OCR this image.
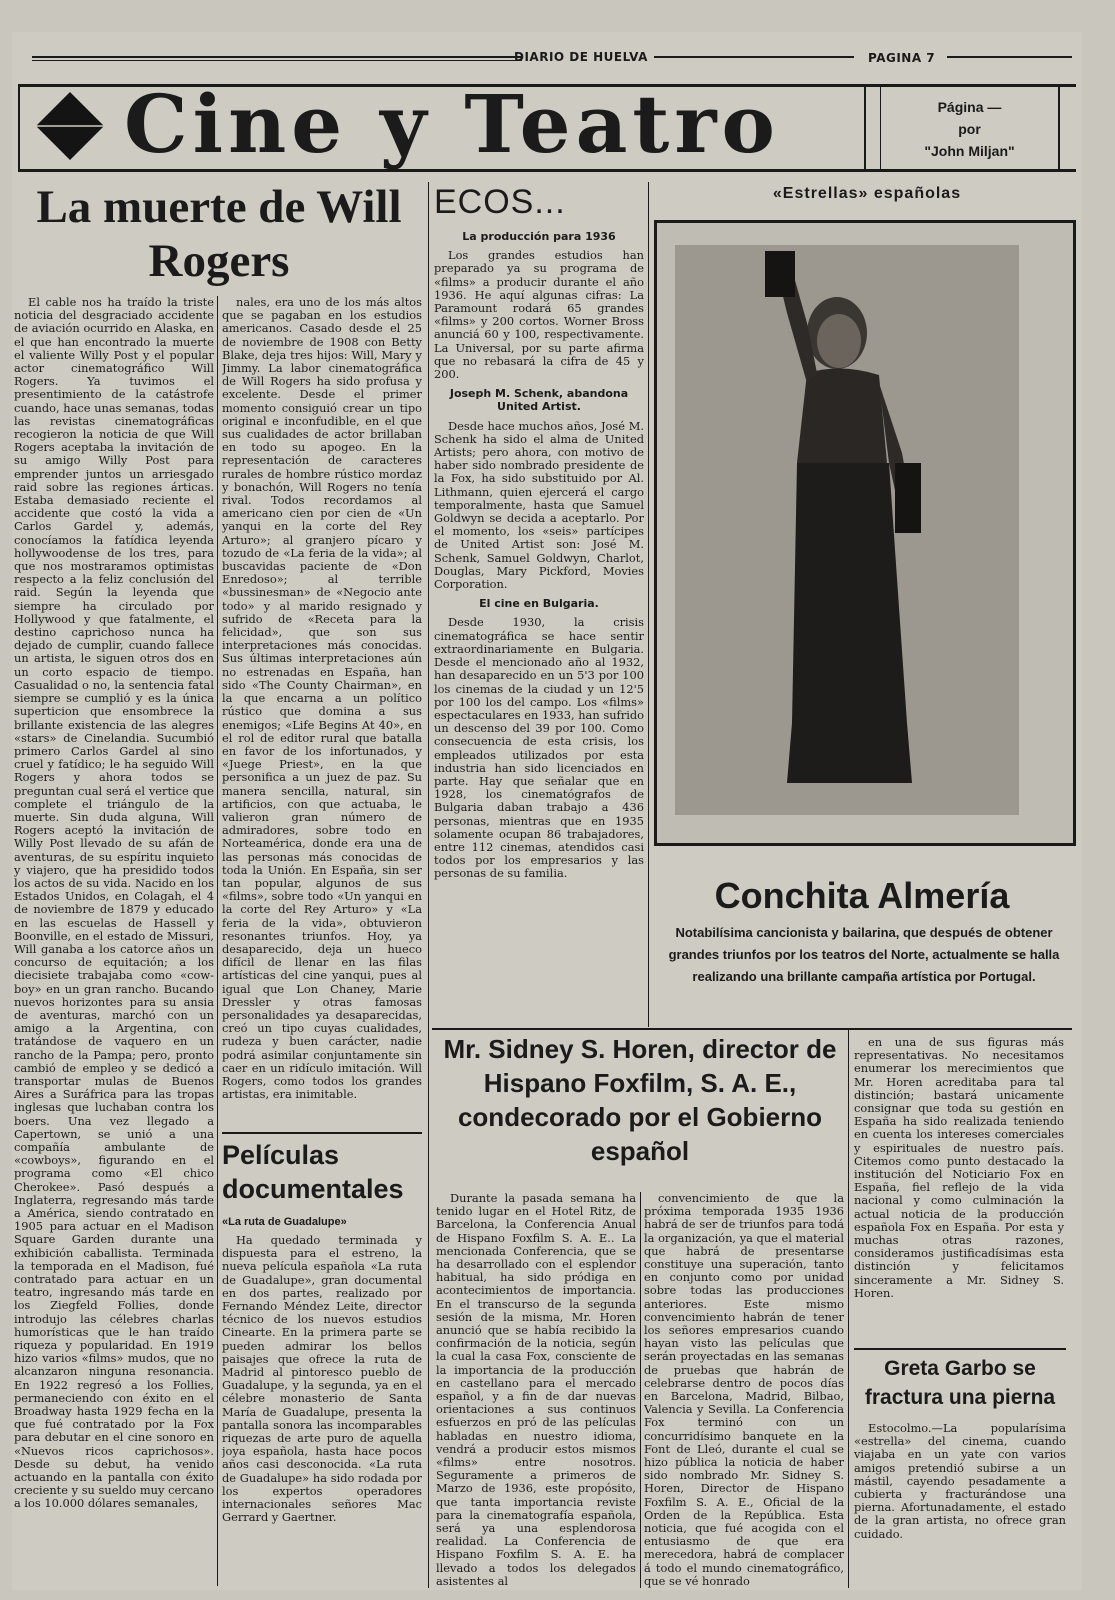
DIARIO DE HUELVA	PAGINA 7
Cine y Teatro	Página —
por
"John Miljan"
La muerte de Will
Rogers

El cable nos ha traído la triste noticia del desgraciado accidente de aviación ocurrido en Alaska, en el que han encontrado la muerte el valiente Willy Post y el popular actor cinematográfico Will Rogers. Ya tuvimos el presentimiento de la catástrofe cuando, hace unas semanas, todas las revistas cinematográficas recogieron la noticia de que Will Rogers aceptaba la invitación de su amigo Willy Post para emprender juntos un arriesgado raid sobre las regiones árticas. Estaba demasiado reciente el accidente que costó la vida a Carlos Gardel y, además, conocíamos la fatídica leyenda hollywoodense de los tres, para que nos mostraramos optimistas respecto a la feliz conclusión del raid. Según la leyenda que siempre ha circulado por Hollywood y que fatalmente, el destino caprichoso nunca ha dejado de cumplir, cuando fallece un artista, le siguen otros dos en un corto espacio de tiempo. Casualidad o no, la sentencia fatal siempre se cumplió y es la única superticion que ensombrece la brillante existencia de las alegres «stars» de Cinelandia. Sucumbió primero Carlos Gardel al sino cruel y fatídico; le ha seguido Will Rogers y ahora todos se preguntan cual será el vertice que complete el triángulo de la muerte. Sin duda alguna, Will Rogers aceptó la invitación de Willy Post llevado de su afán de aventuras, de su espíritu inquieto y viajero, que ha presidido todos los actos de su vida. Nacido en los Estados Unidos, en Colagah, el 4 de noviembre de 1879 y educado en las escuelas de Hassell y Boonville, en el estado de Missuri, Will ganaba a los catorce años un concurso de equitación; a los diecisiete trabajaba como «cow-boy» en un gran rancho. Bucando nuevos horizontes para su ansia de aventuras, marchó con un amigo a la Argentina, con tratándose de vaquero en un rancho de la Pampa; pero, pronto cambió de empleo y se dedicó a transportar mulas de Buenos Aires a Suráfrica para las tropas inglesas que luchaban contra los boers. Una vez llegado a Capertown, se unió a una compañía ambulante de «cowboys», figurando en el programa como «El chico Cherokee». Pasó después a Inglaterra, regresando más tarde a América, siendo contratado en 1905 para actuar en el Madison Square Garden durante una exhibición caballista. Terminada la temporada en el Madison, fué contratado para actuar en un teatro, ingresando más tarde en los Ziegfeld Follies, donde introdujo las célebres charlas humorísticas que le han traído riqueza y popularidad. En 1919 hizo varios «films» mudos, que no alcanzaron ninguna resonancia. En 1922 regresó a los Follies, permaneciendo con éxito en el Broadway hasta 1929 fecha en la que fué contratado por la Fox para debutar en el cine sonoro en «Nuevos ricos caprichosos». Desde su debut, ha venido actuando en la pantalla con éxito creciente y su sueldo muy cercano a los 10.000 dólares semanales,

nales, era uno de los más altos que se pagaban en los estudios americanos. Casado desde el 25 de noviembre de 1908 con Betty Blake, deja tres hijos: Will, Mary y Jimmy. La labor cinematográfica de Will Rogers ha sido profusa y excelente. Desde el primer momento consiguió crear un tipo original e inconfudible, en el que sus cualidades de actor brillaban en todo su apogeo. En la representación de caracteres rurales de hombre rústico mordaz y bonachón, Will Rogers no tenía rival. Todos recordamos al americano cien por cien de «Un yanqui en la corte del Rey Arturo»; al granjero pícaro y tozudo de «La feria de la vida»; al buscavidas paciente de «Don Enredoso»; al terrible «bussinesman» de «Negocio ante todo» y al marido resignado y sufrido de «Receta para la felicidad», que son sus interpretaciones más conocidas. Sus últimas interpretaciones aún no estrenadas en España, han sido «The County Chairman», en la que encarna a un político rústico que domina a sus enemigos; «Life Begins At 40», en el rol de editor rural que batalla en favor de los infortunados, y «Juege Priest», en la que personifica a un juez de paz. Su manera sencilla, natural, sin artificios, con que actuaba, le valieron gran número de admiradores, sobre todo en Norteamérica, donde era una de las personas más conocidas de toda la Unión. En España, sin ser tan popular, algunos de sus «films», sobre todo «Un yanqui en la corte del Rey Arturo» y «La feria de la vida», obtuvieron resonantes triunfos. Hoy, ya desaparecido, deja un hueco difícil de llenar en las filas artísticas del cine yanqui, pues al igual que Lon Chaney, Marie Dressler y otras famosas personalidades ya desaparecidas, creó un tipo cuyas cualidades, rudeza y buen carácter, nadie podrá asimilar conjuntamente sin caer en un ridículo imitación. Will Rogers, como todos los grandes artistas, era inimitable.

Películas documentales
«La ruta de Guadalupe»

Ha quedado terminada y dispuesta para el estreno, la nueva película española «La ruta de Guadalupe», gran documental en dos partes, realizado por Fernando Méndez Leite, director técnico de los nuevos estudios Cinearte. En la primera parte se pueden admirar los bellos paisajes que ofrece la ruta de Madrid al pintoresco pueblo de Guadalupe, y la segunda, ya en el célebre monasterio de Santa María de Guadalupe, presenta la pantalla sonora las incomparables riquezas de arte puro de aquella joya española, hasta hace pocos años casi desconocida. «La ruta de Guadalupe» ha sido rodada por los expertos operadores internacionales señores Mac Gerrard y Gaertner.

ECOS...
La producción para 1936

Los grandes estudios han preparado ya su programa de «films» a producir durante el año 1936. He aquí algunas cifras: La Paramount rodará 65 grandes «films» y 200 cortos. Worner Bross anunciá 60 y 100, respectivamente. La Universal, por su parte afirma que no rebasará la cifra de 45 y 200.

Joseph M. Schenk, abandona United Artist.

Desde hace muchos años, José M. Schenk ha sido el alma de United Artists; pero ahora, con motivo de haber sido nombrado presidente de la Fox, ha sido substituido por Al. Lithmann, quien ejercerá el cargo temporalmente, hasta que Samuel Goldwyn se decida a aceptarlo. Por el momento, los «seis» partícipes de United Artist son: José M. Schenk, Samuel Goldwyn, Charlot, Douglas, Mary Pickford, Movies Corporation.

El cine en Bulgaria.

Desde 1930, la crisis cinematográfica se hace sentir extraordinariamente en Bulgaria. Desde el mencionado año al 1932, han desaparecido en un 5'3 por 100 los cinemas de la ciudad y un 12'5 por 100 los del campo. Los «films» espectaculares en 1933, han sufrido un descenso del 39 por 100. Como consecuencia de esta crisis, los empleados utilizados por esta industria han sido licenciados en parte. Hay que señalar que en 1928, los cinematógrafos de Bulgaria daban trabajo a 436 personas, mientras que en 1935 solamente ocupan 86 trabajadores, entre 112 cinemas, atendidos casi todos por los empresarios y las personas de su familia.

«Estrellas» españolas
Conchita Almería
Notabilísima cancionista y bailarina, que después de obtener grandes triunfos por los teatros del Norte, actualmente se halla realizando una brillante campaña artística por Portugal.
Mr. Sidney S. Horen, director de Hispano Foxfilm, S. A. E., condecorado por el Gobierno español

Durante la pasada semana ha tenido lugar en el Hotel Ritz, de Barcelona, la Conferencia Anual de Hispano Foxfilm S. A. E.. La mencionada Conferencia, que se ha desarrollado con el esplendor habitual, ha sido pródiga en acontecimientos de importancia. En el transcurso de la segunda sesión de la misma, Mr. Horen anunció que se había recibido la confirmación de la noticia, según la cual la casa Fox, consciente de la importancia de la producción en castellano para el mercado español, y a fin de dar nuevas orientaciones a sus continuos esfuerzos en pró de las películas habladas en nuestro idioma, vendrá a producir estos mismos «films» entre nosotros. Seguramente a primeros de Marzo de 1936, este propósito, que tanta importancia reviste para la cinematografía española, será ya una esplendorosa realidad. La Conferencia de Hispano Foxfilm S. A. E. ha llevado a todos los delegados asistentes al

convencimiento de que la próxima temporada 1935 1936 habrá de ser de triunfos para todá la organización, ya que el material que habrá de presentarse constituye una superación, tanto en conjunto como por unidad sobre todas las producciones anteriores. Este mismo convencimiento habrán de tener los señores empresarios cuando hayan visto las películas que serán proyectadas en las semanas de pruebas que habrán de celebrarse dentro de pocos días en Barcelona, Madrid, Bilbao, Valencia y Sevilla. La Conferencia Fox terminó con un concurridísimo banquete en la Font de Lleó, durante el cual se hizo pública la noticia de haber sido nombrado Mr. Sidney S. Horen, Director de Hispano Foxfilm S. A. E., Oficial de la Orden de la República. Esta noticia, que fué acogida con el entusiasmo de que era merecedora, habrá de complacer á todo el mundo cinematográfico, que se vé honrado

en una de sus figuras más representativas. No necesitamos enumerar los merecimientos que Mr. Horen acreditaba para tal distinción; bastará unicamente consignar que toda su gestión en España ha sido realizada teniendo en cuenta los intereses comerciales y espirituales de nuestro país. Citemos como punto destacado la institución del Noticiario Fox en España, fiel reflejo de la vida nacional y como culminación la actual noticia de la producción española Fox en España. Por esta y muchas otras razones, consideramos justificadísimas esta distinción y felicitamos sinceramente a Mr. Sidney S. Horen.

Greta Garbo se fractura una pierna

Estocolmo.—La popularísima «estrella» del cinema, cuando viajaba en un yate con varios amigos pretendió subirse a un mástil, cayendo pesadamente a cubierta y fracturándose una pierna. Afortunadamente, el estado de la gran artista, no ofrece gran cuidado.
